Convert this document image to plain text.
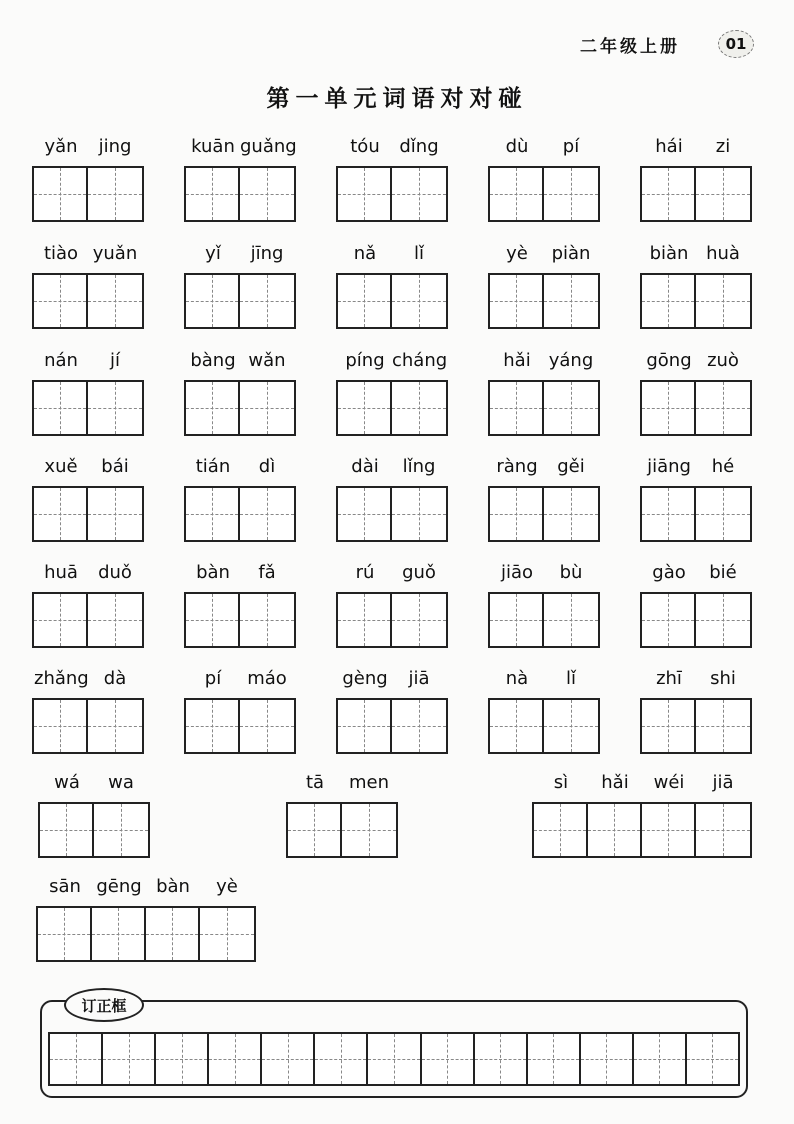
二年级上册	01
第一单元词语对对碰
yǎn	jing	kuān guǎng	tóu	dǐng	dù	pí	hái	zi
tiào yuǎn	yǐ	jīng	nǎ	lǐ	yè	piàn	biàn huà
nán	jí	bàng wǎn	píng cháng	hǎi	yáng	gōng zuò
xuě	bái	tián	dì	dài	lǐng	ràng	gěi	jiāng	hé
huā	duǒ	bàn	fǎ	rú	guǒ	jiāo	bù	gào	bié
zhǎng dà	pí	máo	gèng	jiā	nà	lǐ	zhī	shi
wá	wa	tā	men	sì	hǎi	wéi	jiā
sān gēng bàn	yè
订正框
